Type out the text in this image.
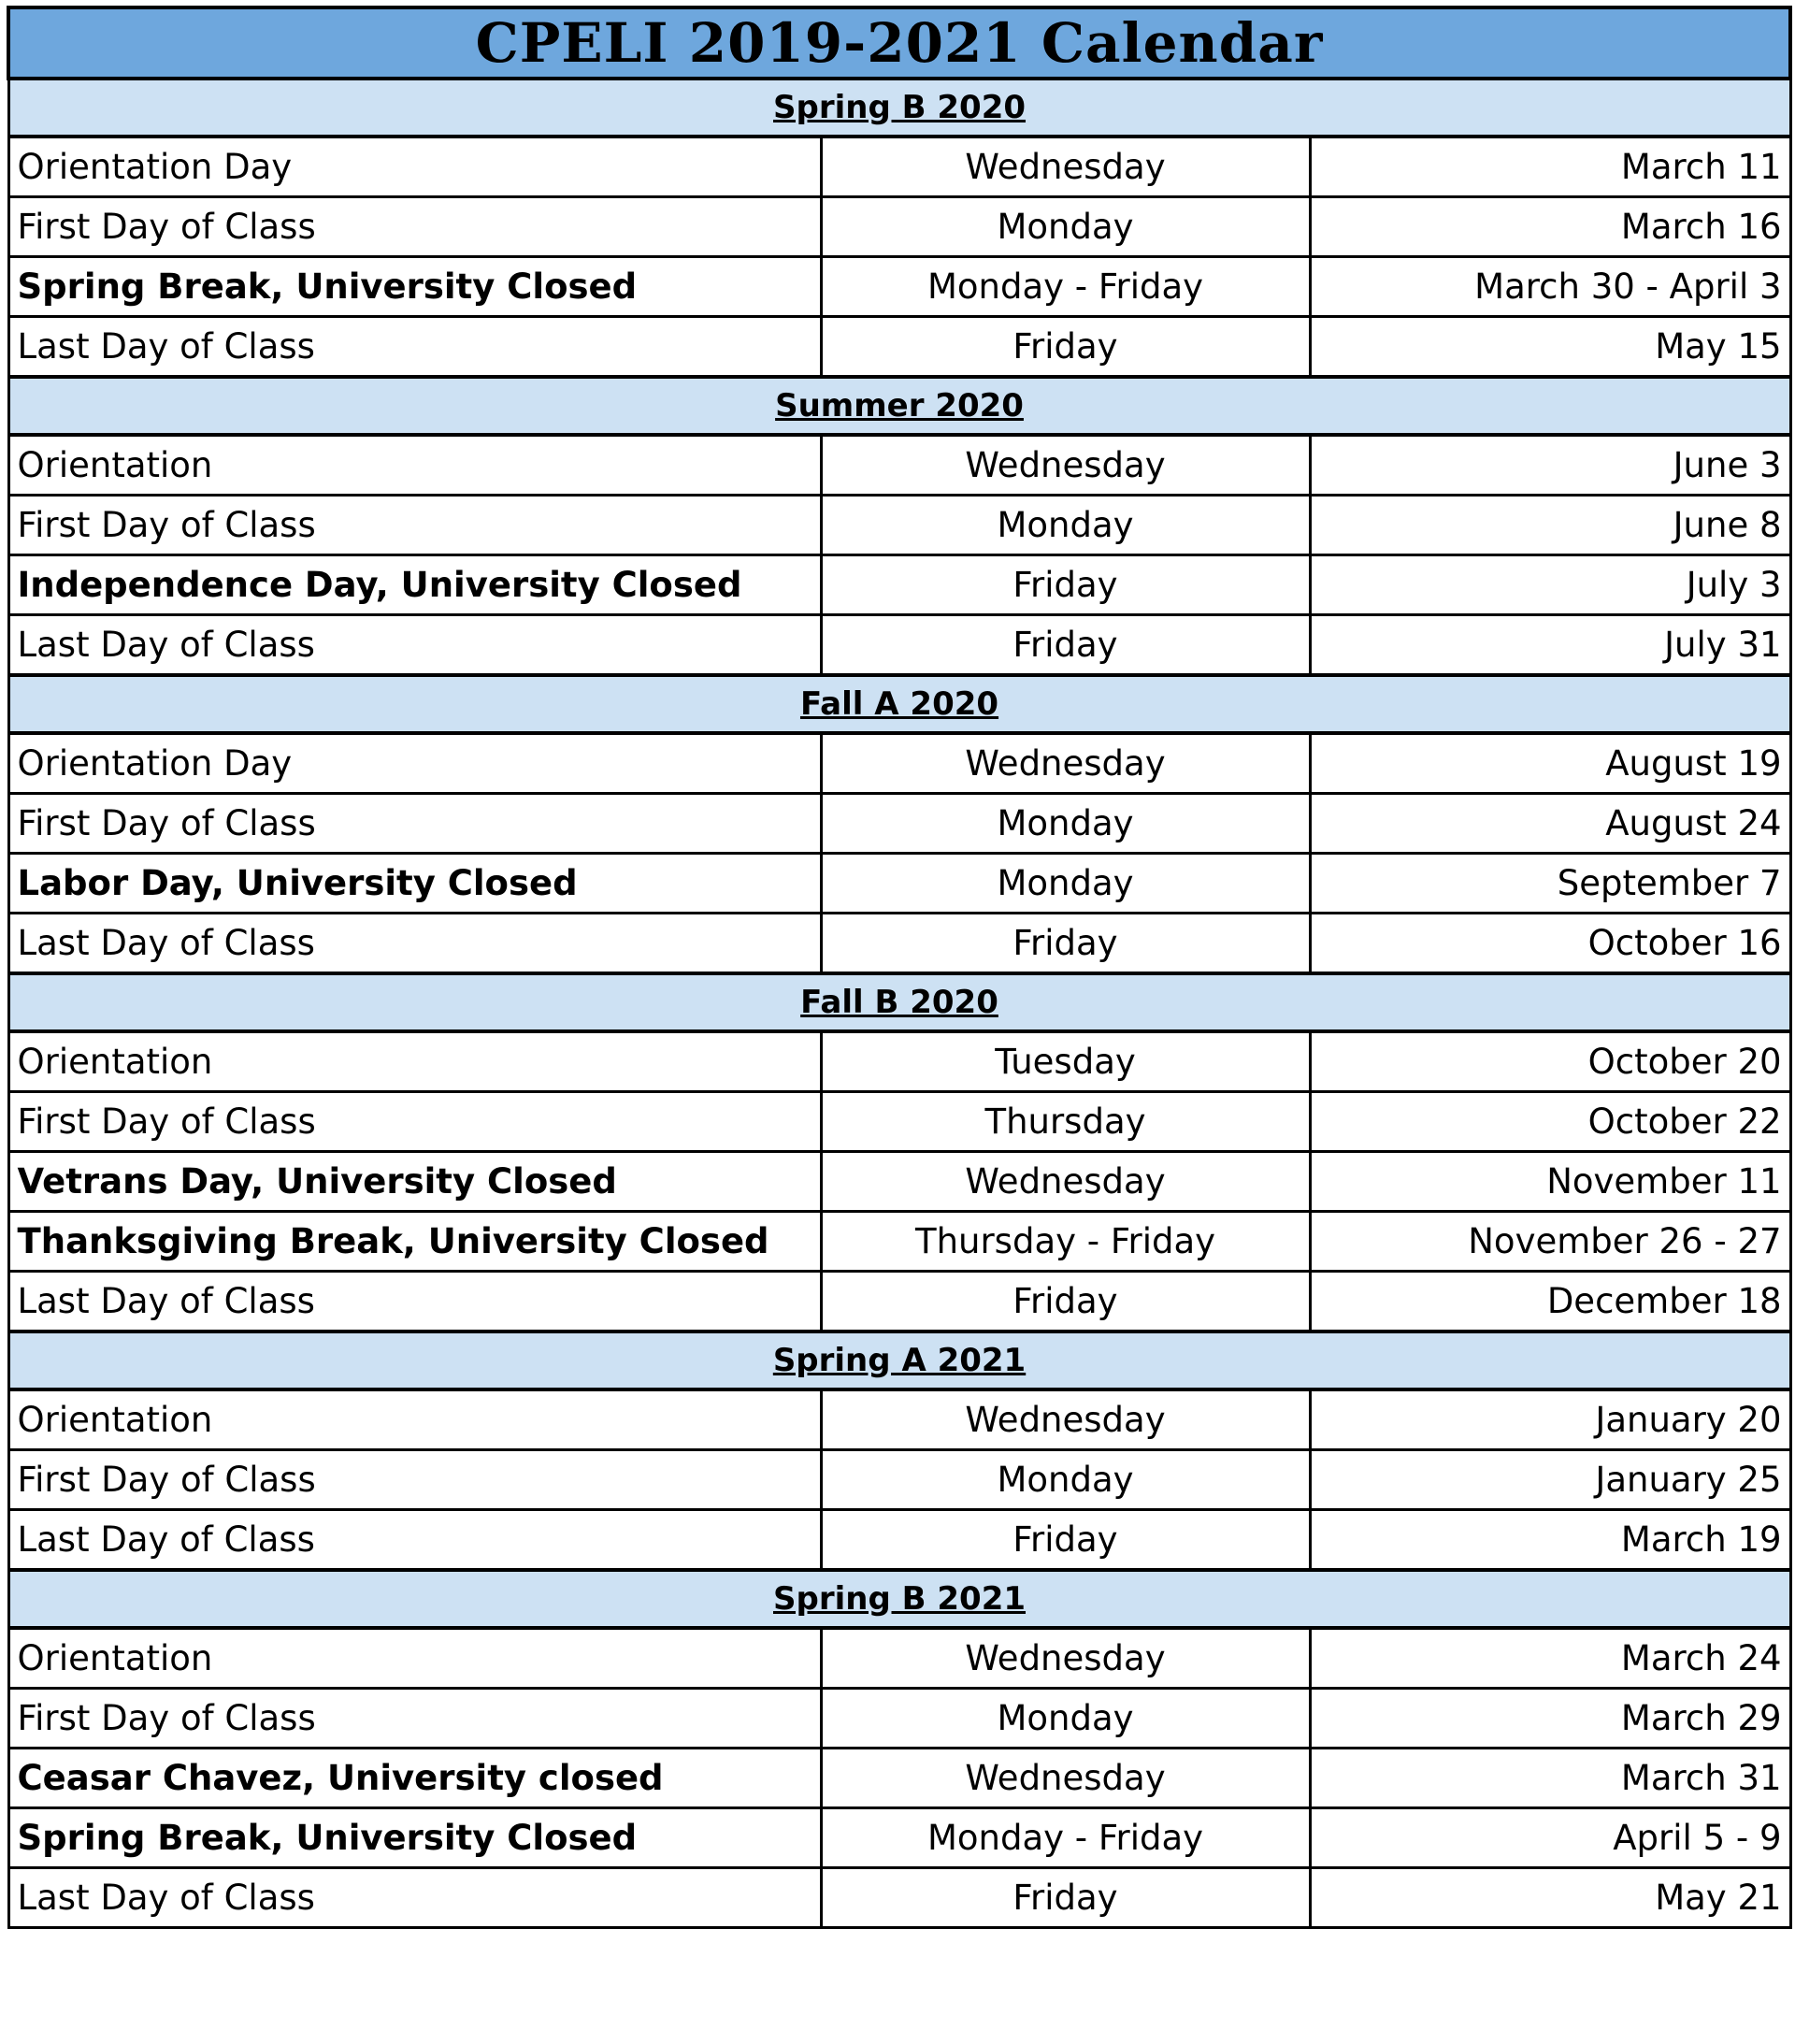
CPELI 2019-2021 Calendar		
Spring B 2020		
Orientation Day	Wednesday	March 11
First Day of Class	Monday	March 16
Spring Break, University Closed	Monday - Friday	March 30 - April 3
Last Day of Class	Friday	May 15
Summer 2020		
Orientation	Wednesday	June 3
First Day of Class	Monday	June 8
Independence Day, University Closed	Friday	July 3
Last Day of Class	Friday	July 31
Fall A 2020		
Orientation Day	Wednesday	August 19
First Day of Class	Monday	August 24
Labor Day, University Closed	Monday	September 7
Last Day of Class	Friday	October 16
Fall B 2020		
Orientation	Tuesday	October 20
First Day of Class	Thursday	October 22
Vetrans Day, University Closed	Wednesday	November 11
Thanksgiving Break, University Closed	Thursday - Friday	November 26 - 27
Last Day of Class	Friday	December 18
Spring A 2021		
Orientation	Wednesday	January 20
First Day of Class	Monday	January 25
Last Day of Class	Friday	March 19
Spring B 2021		
Orientation	Wednesday	March 24
First Day of Class	Monday	March 29
Ceasar Chavez, University closed	Wednesday	March 31
Spring Break, University Closed	Monday - Friday	April 5 - 9
Last Day of Class	Friday	May 21
